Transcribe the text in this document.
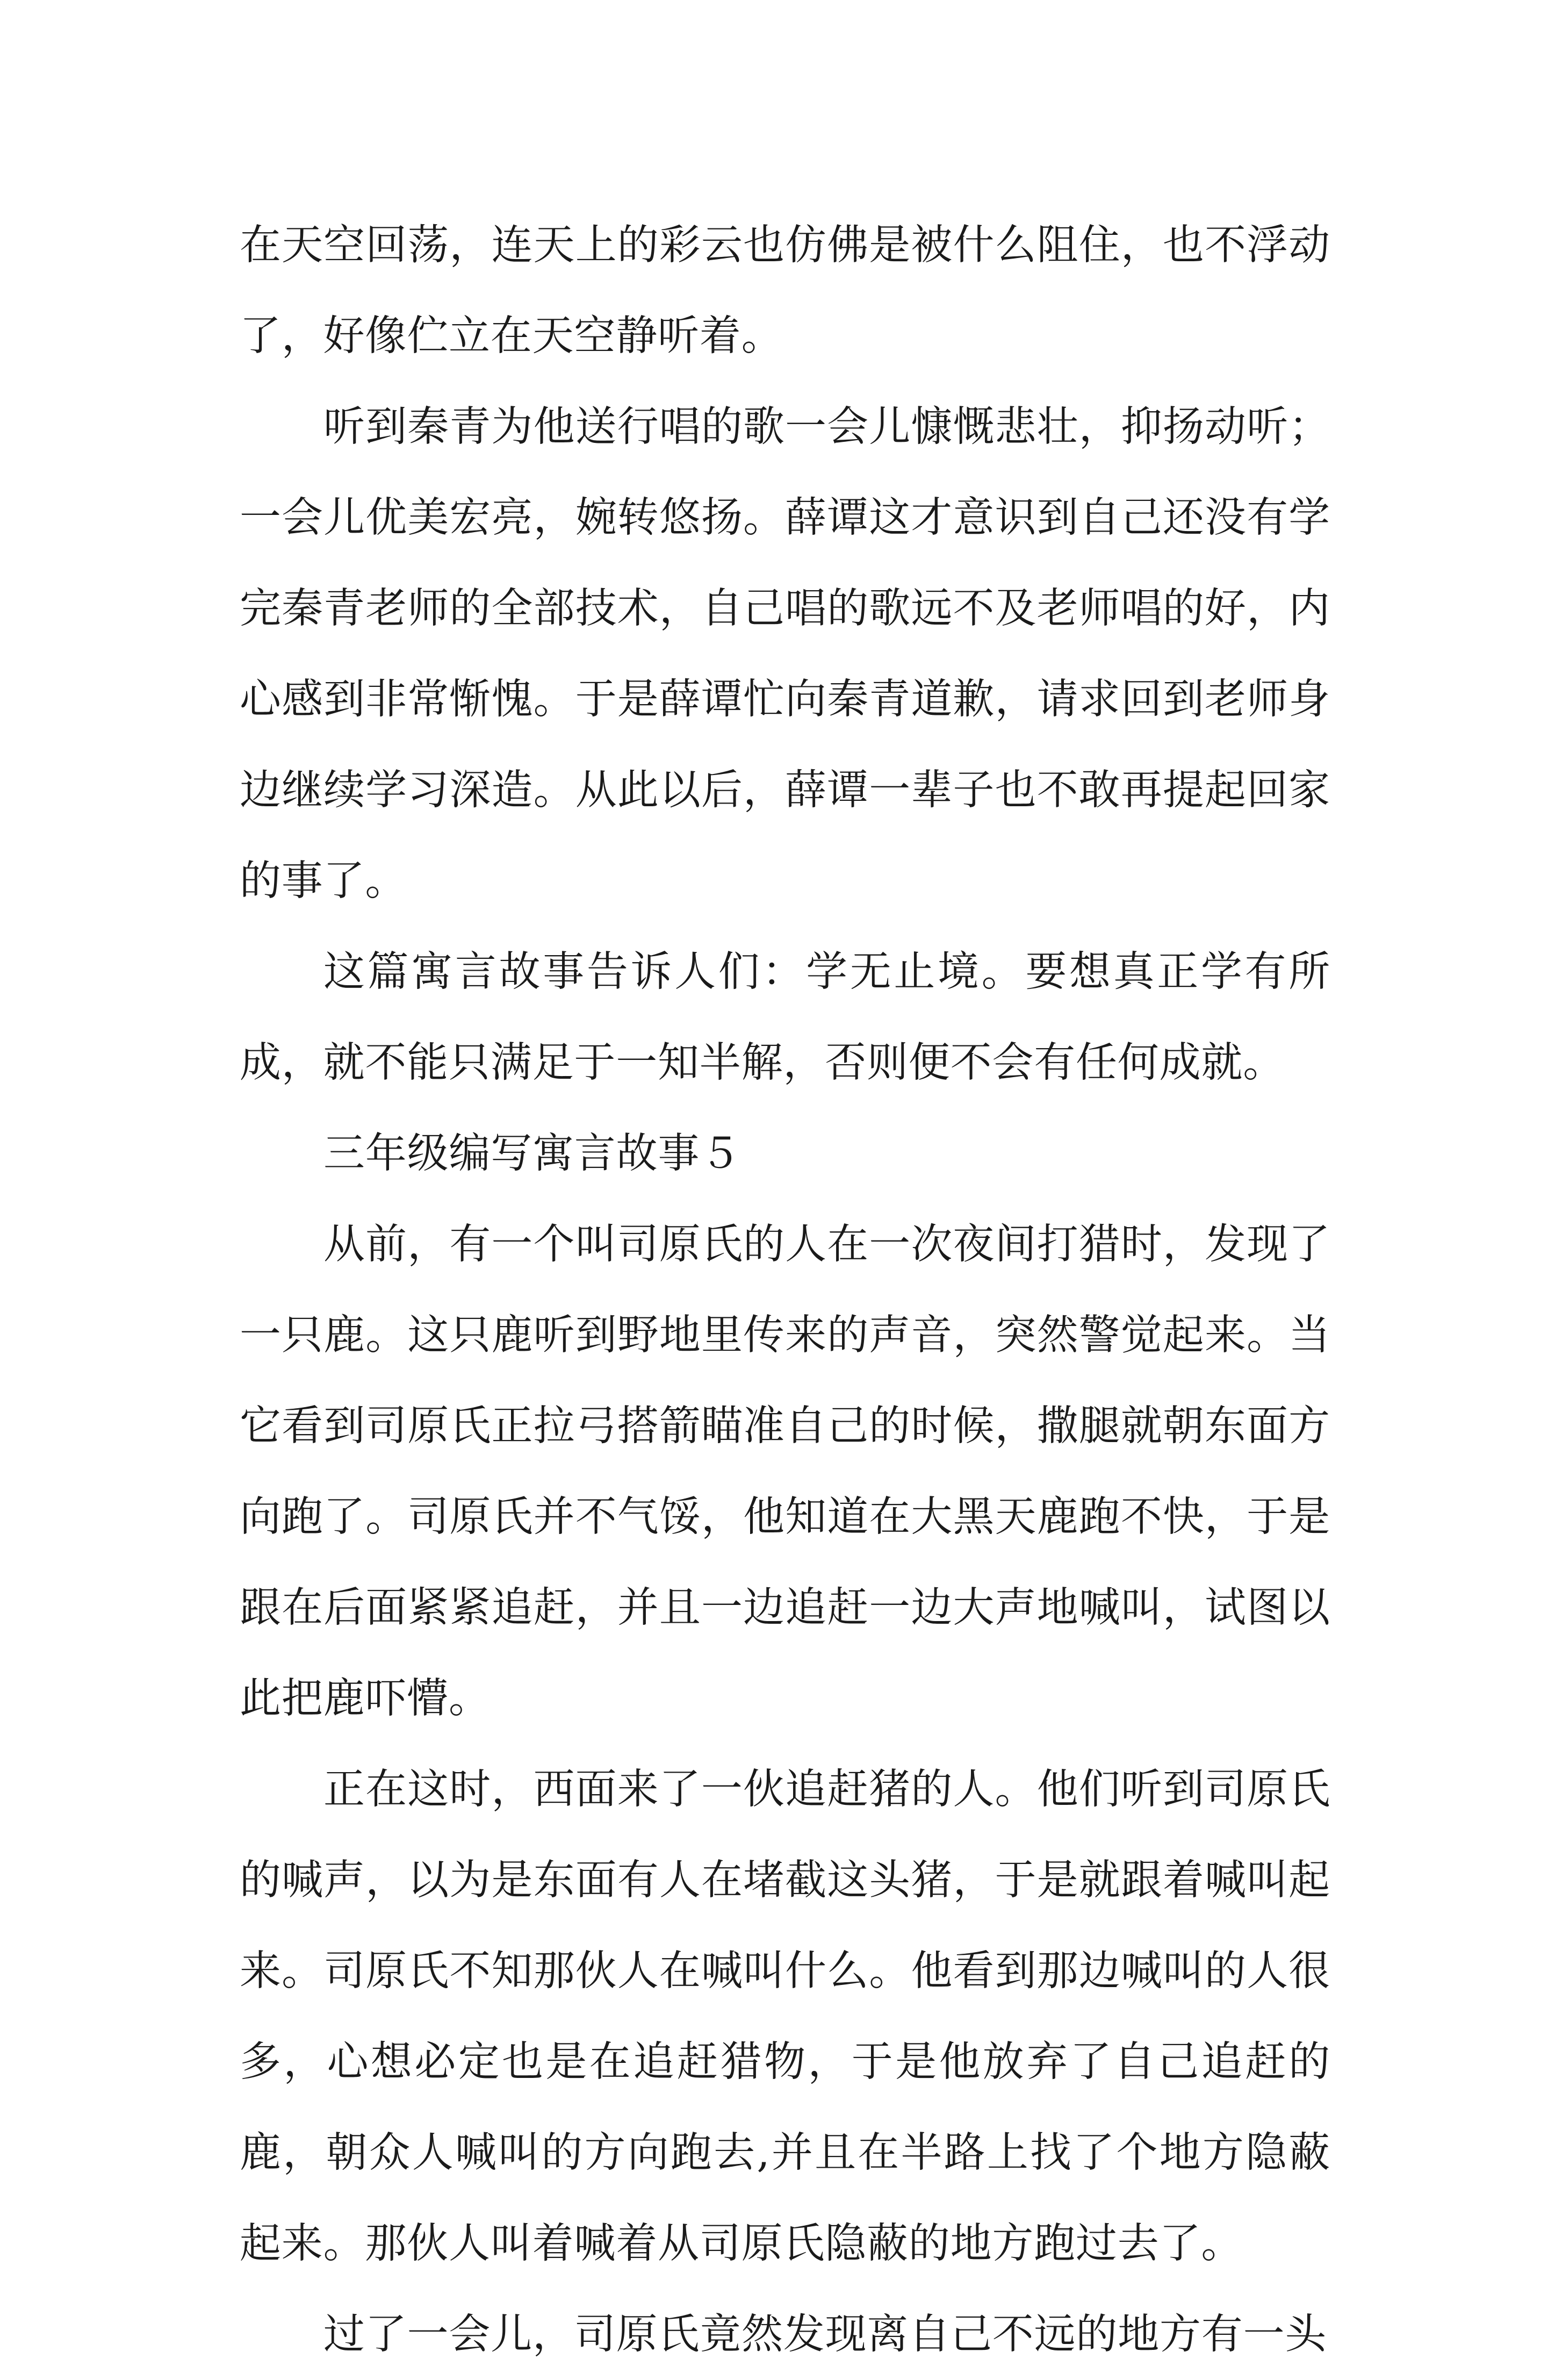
在天空回荡，连天上的彩云也仿佛是被什么阻住，也不浮动了，好像伫立在天空静听着。

听到秦青为他送行唱的歌一会儿慷慨悲壮，抑扬动听；一会儿优美宏亮，婉转悠扬。薛谭这才意识到自己还没有学完秦青老师的全部技术，自己唱的歌远不及老师唱的好，内心感到非常惭愧。于是薛谭忙向秦青道歉，请求回到老师身边继续学习深造。从此以后，薛谭一辈子也不敢再提起回家的事了。

这篇寓言故事告诉人们：学无止境。要想真正学有所成，就不能只满足于一知半解，否则便不会有任何成就。

三年级编写寓言故事５

从前，有一个叫司原氏的人在一次夜间打猎时，发现了一只鹿。这只鹿听到野地里传来的声音，突然警觉起来。当它看到司原氏正拉弓搭箭瞄准自己的时候，撒腿就朝东面方向跑了。司原氏并不气馁，他知道在大黑天鹿跑不快，于是跟在后面紧紧追赶，并且一边追赶一边大声地喊叫，试图以此把鹿吓懵。

正在这时，西面来了一伙追赶猪的人。他们听到司原氏的喊声，以为是东面有人在堵截这头猪，于是就跟着喊叫起来。司原氏不知那伙人在喊叫什么。他看到那边喊叫的人很多，心想必定也是在追赶猎物，于是他放弃了自己追赶的鹿，朝众人喊叫的方向跑去,并且在半路上找了个地方隐蔽起来。那伙人叫着喊着从司原氏隐蔽的地方跑过去了。

过了一会儿，司原氏竟然发现离自己不远的地方有一头
